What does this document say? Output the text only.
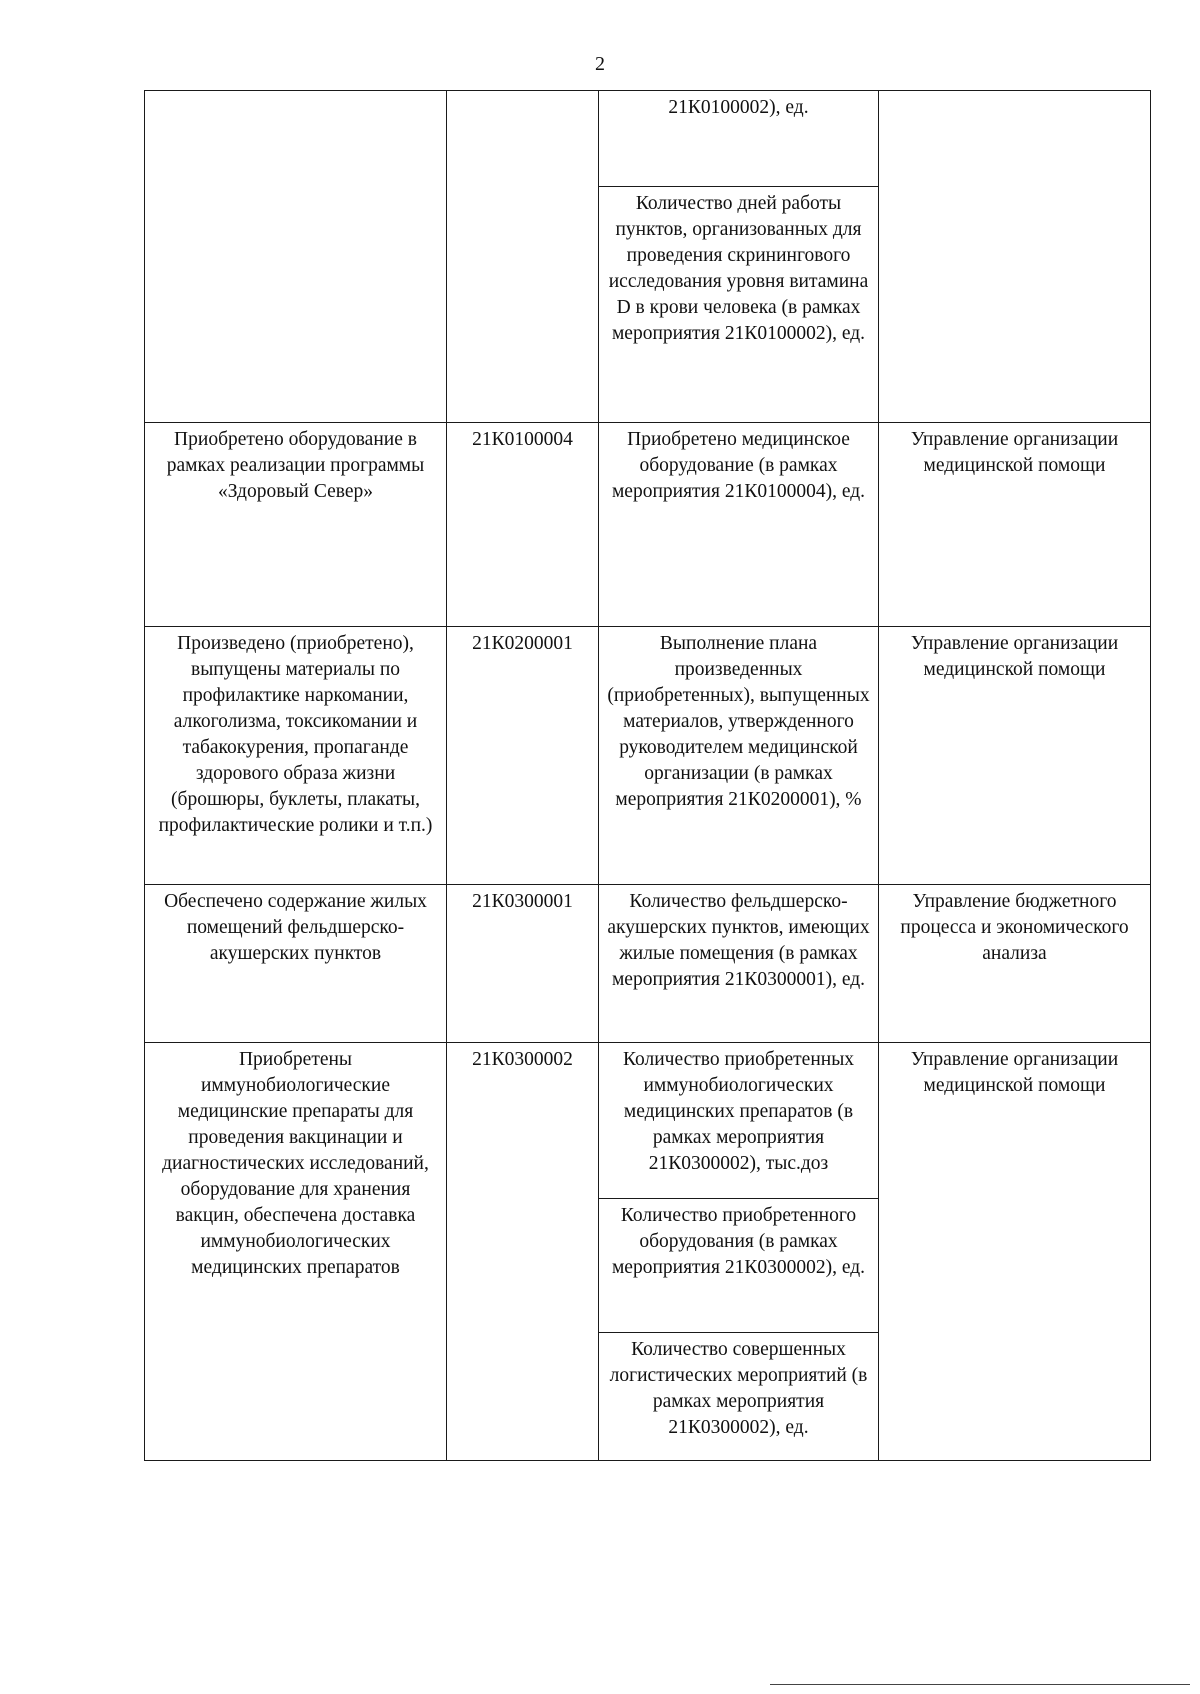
2
		21К0100002), ед.	
		Количество дней работы пунктов, организованных для проведения скринингового исследования уровня витамина D в крови человека (в рамках мероприятия 21К0100002), ед.	
Приобретено оборудование в рамках реализации программы «Здоровый Север»	21К0100004	Приобретено медицинское оборудование (в рамках мероприятия 21К0100004), ед.	Управление организации медицинской помощи
Произведено (приобретено), выпущены материалы по профилактике наркомании, алкоголизма, токсикомании и табакокурения, пропаганде здорового образа жизни (брошюры, буклеты, плакаты, профилактические ролики и т.п.)	21К0200001	Выполнение плана произведенных (приобретенных), выпущенных материалов, утвержденного руководителем медицинской организации (в рамках мероприятия 21К0200001), %	Управление организации медицинской помощи
Обеспечено содержание жилых помещений фельдшерско-акушерских пунктов	21К0300001	Количество фельдшерско-акушерских пунктов, имеющих жилые помещения (в рамках мероприятия 21К0300001), ед.	Управление бюджетного процесса и экономического анализа
Приобретены иммунобиологические медицинские препараты для проведения вакцинации и диагностических исследований, оборудование для хранения вакцин, обеспечена доставка иммунобиологических медицинских препаратов	21К0300002	Количество приобретенных иммунобиологических медицинских препаратов (в рамках мероприятия 21К0300002), тыс.доз	Управление организации медицинской помощи
		Количество приобретенного оборудования (в рамках мероприятия 21К0300002), ед.	
		Количество совершенных логистических мероприятий (в рамках мероприятия 21К0300002), ед.	
